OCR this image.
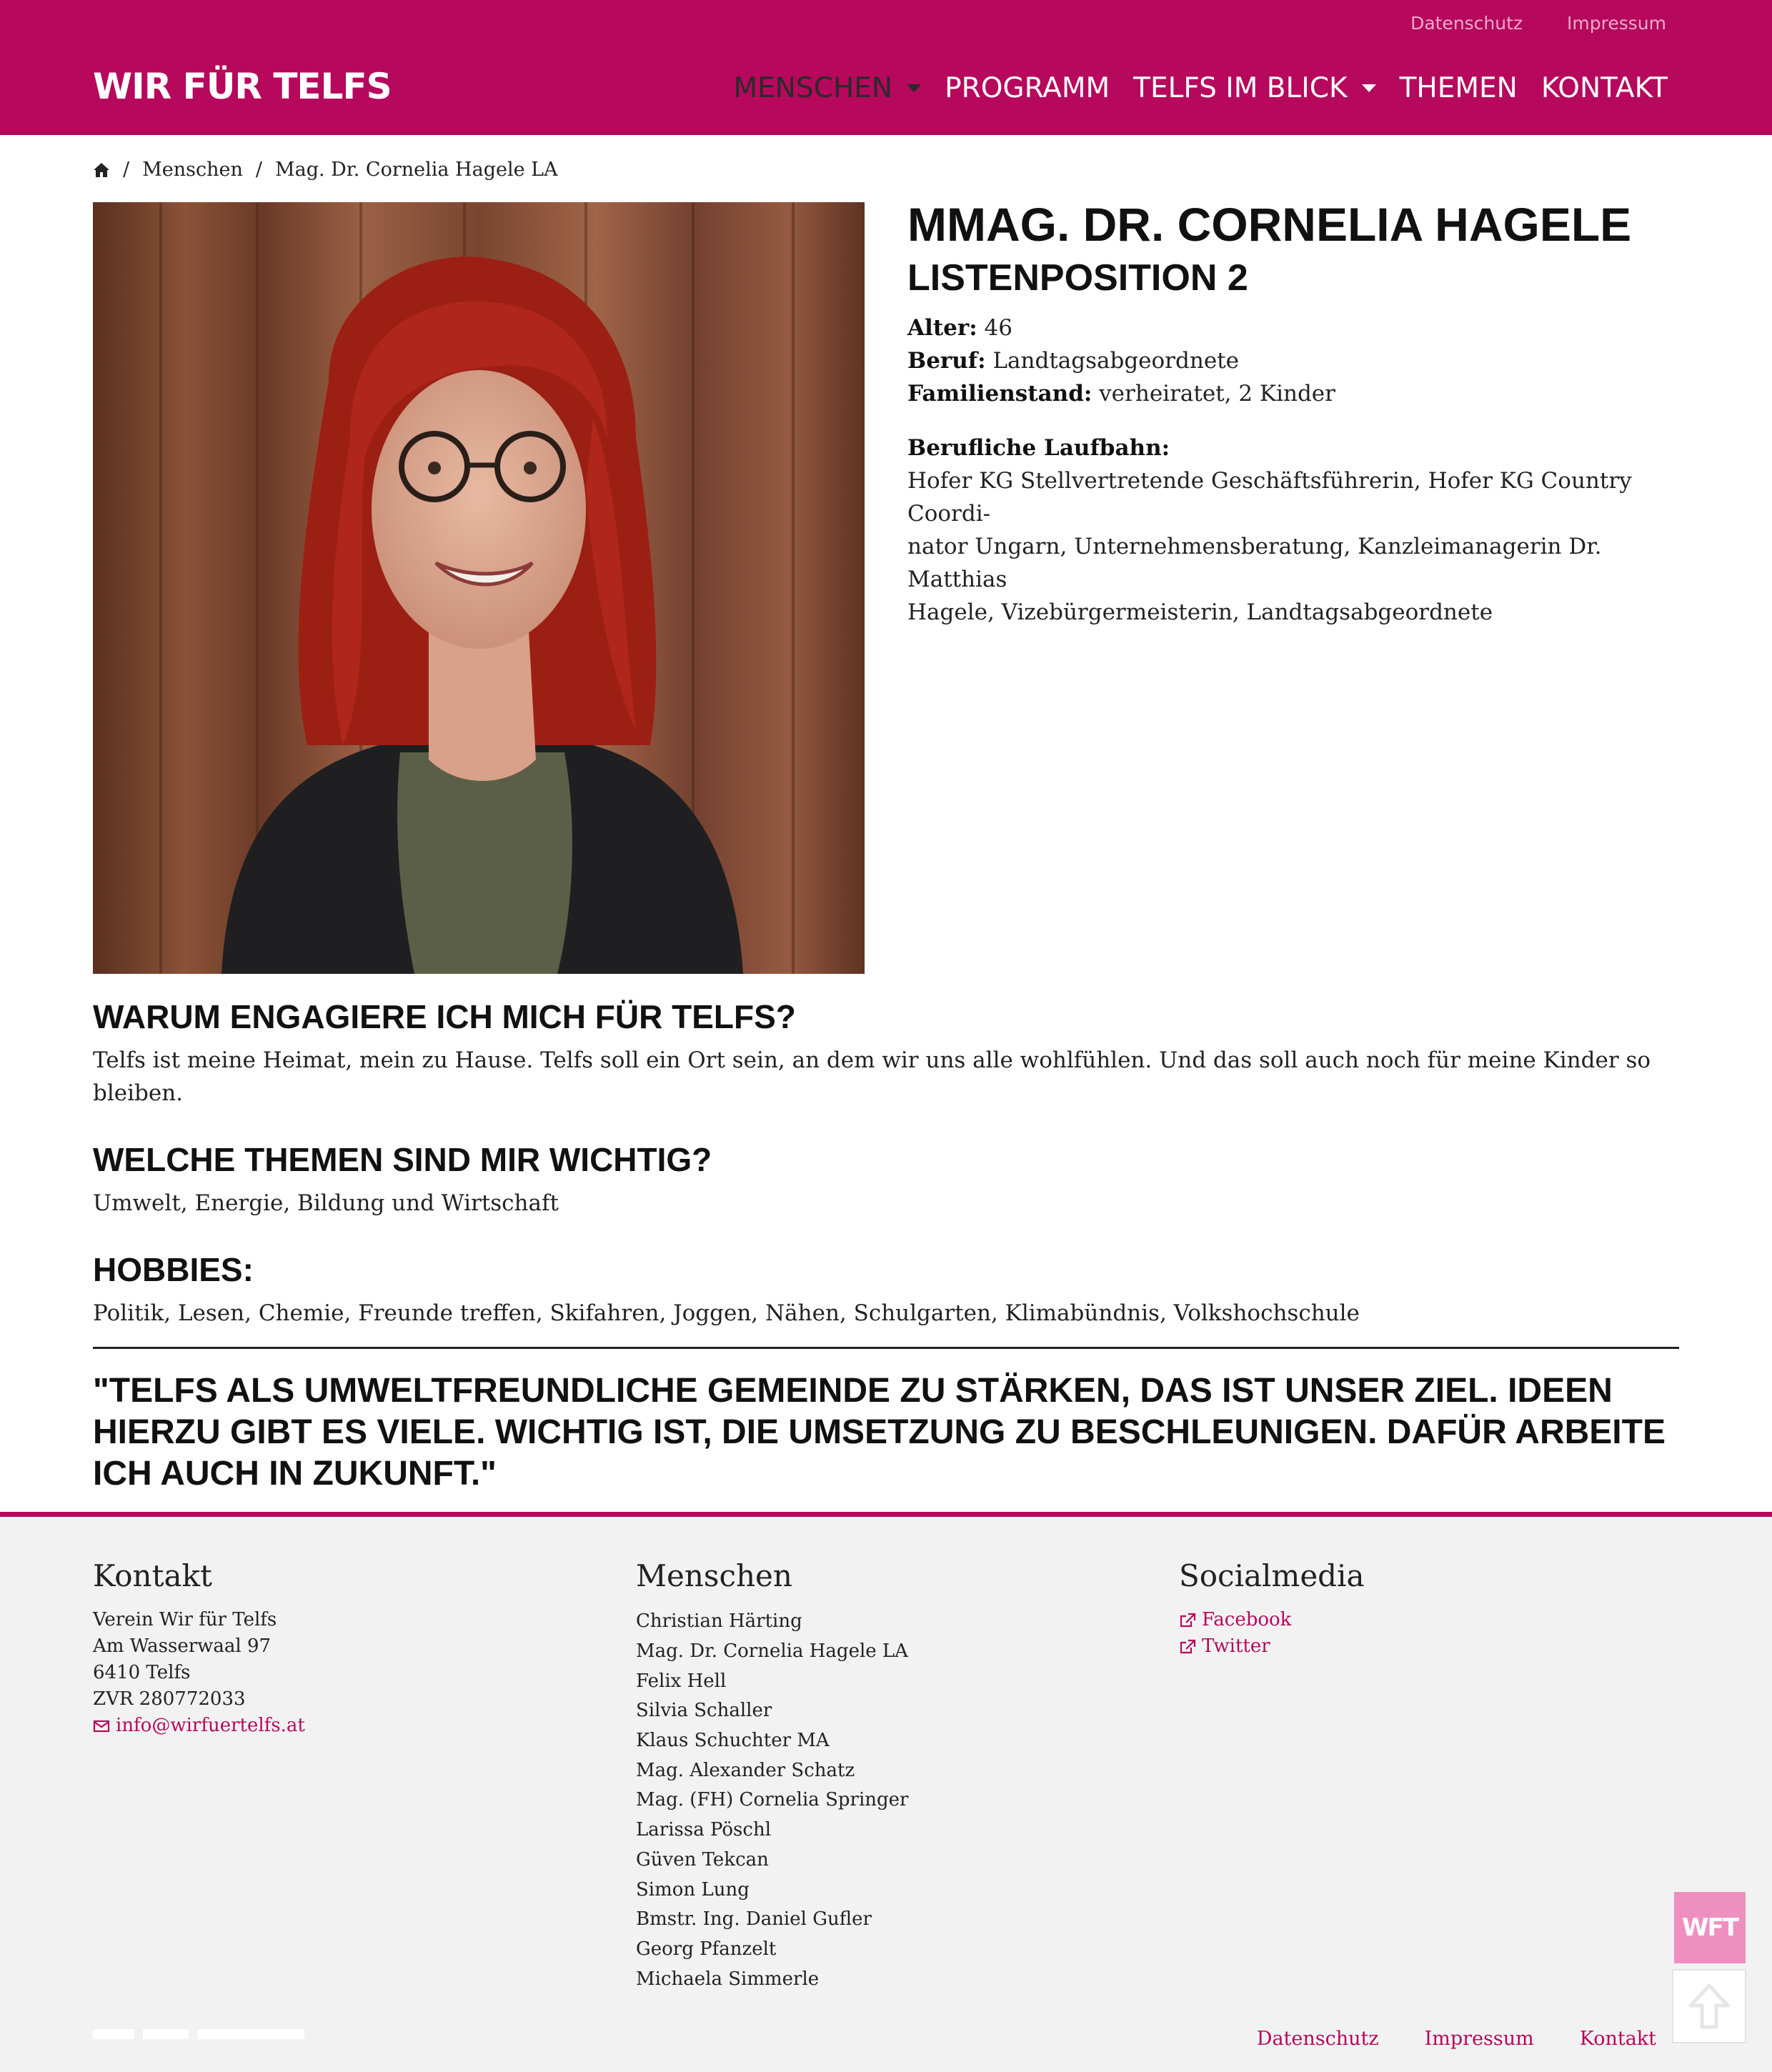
Datenschutz Impressum
WIR FÜR TELFS	MENSCHEN PROGRAMM TELFS IM BLICK THEMEN KONTAKT
/ Menschen / Mag. Dr. Cornelia Hagele LA
MMAG. DR. CORNELIA HAGELE
LISTENPOSITION 2
Alter: 46
Beruf: Landtagsabgeordnete
Familienstand: verheiratet, 2 Kinder
Berufliche Laufbahn:
Hofer KG Stellvertretende Geschäftsführerin, Hofer KG Country Coordi-
nator Ungarn, Unternehmensberatung, Kanzleimanagerin Dr. Matthias
Hagele, Vizebürgermeisterin, Landtagsabgeordnete
WARUM ENGAGIERE ICH MICH FÜR TELFS?

Telfs ist meine Heimat, mein zu Hause. Telfs soll ein Ort sein, an dem wir uns alle wohlfühlen. Und das soll auch noch für meine Kinder so bleiben.

WELCHE THEMEN SIND MIR WICHTIG?

Umwelt, Energie, Bildung und Wirtschaft

HOBBIES:

Politik, Lesen, Chemie, Freunde treffen, Skifahren, Joggen, Nähen, Schulgarten, Klimabündnis, Volkshochschule

"TELFS ALS UMWELTFREUNDLICHE GEMEINDE ZU STÄRKEN, DAS IST UNSER ZIEL. IDEEN
HIERZU GIBT ES VIELE. WICHTIG IST, DIE UMSETZUNG ZU BESCHLEUNIGEN. DAFÜR ARBEITE
ICH AUCH IN ZUKUNFT."
Kontakt
Verein Wir für Telfs
Am Wasserwaal 97
6410 Telfs
ZVR 280772033
info@wirfuertelfs.at
Menschen
Christian Härting
Mag. Dr. Cornelia Hagele LA
Felix Hell
Silvia Schaller
Klaus Schuchter MA
Mag. Alexander Schatz
Mag. (FH) Cornelia Springer
Larissa Pöschl
Güven Tekcan
Simon Lung
Bmstr. Ing. Daniel Gufler
Georg Pfanzelt
Michaela Simmerle
Socialmedia
Facebook
Twitter
Datenschutz Impressum Kontakt
WFT
